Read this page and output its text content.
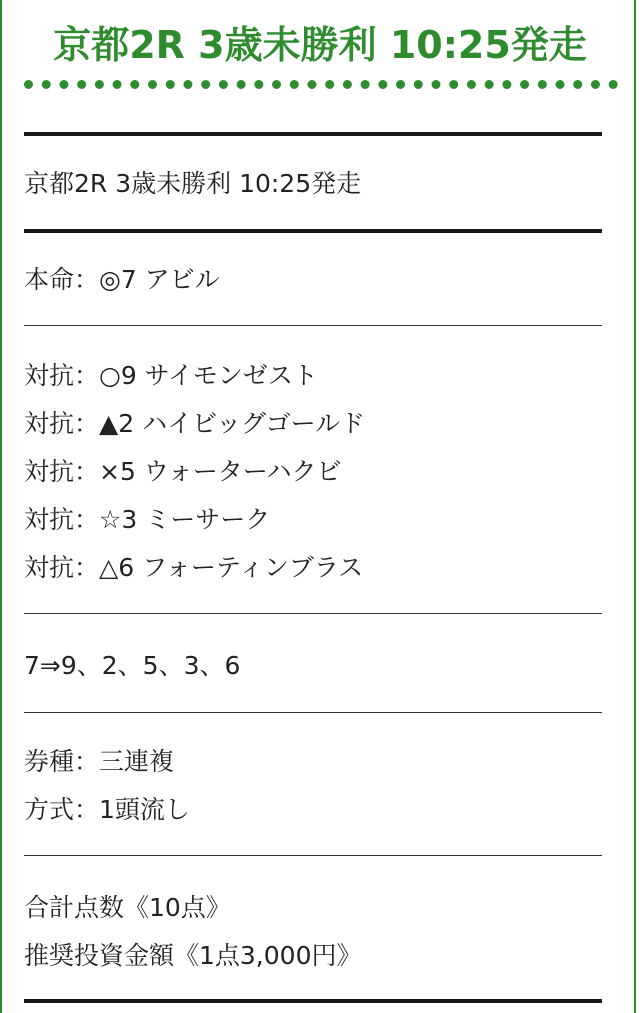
京都2R 3歳未勝利 10:25発走
京都2R 3歳未勝利 10:25発走
本命：◎7 アビル
対抗：○9 サイモンゼスト
対抗：▲2 ハイビッグゴールド
対抗：×5 ウォーターハクビ
対抗：☆3 ミーサーク
対抗：△6 フォーティンブラス
7⇒9、2、5、3、6
券種：三連複
方式：1頭流し
合計点数《10点》
推奨投資金額《1点3,000円》
